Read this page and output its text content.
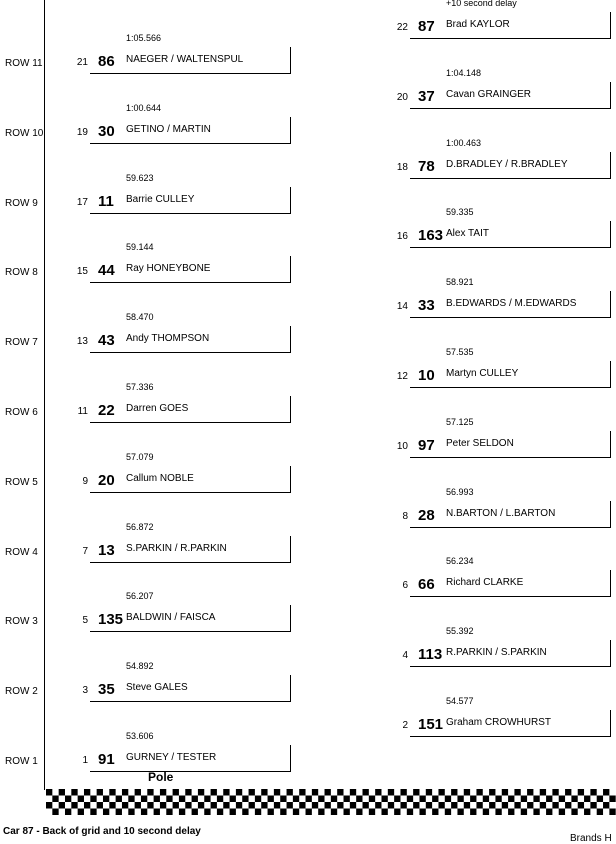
ROW 1
ROW 2
ROW 3
ROW 4
ROW 5
ROW 6
ROW 7
ROW 8
ROW 9
ROW 10
ROW 11
1 91
53.606
GURNEY / TESTER
3 35
54.892
Steve GALES
5 135
56.207
BALDWIN / FAISCA
7 13
56.872
S.PARKIN / R.PARKIN
9 20
57.079
Callum NOBLE
11 22
57.336
Darren GOES
13 43
58.470
Andy THOMPSON
15 44
59.144
Ray HONEYBONE
17 11
59.623
Barrie CULLEY
19 30
1:00.644
GETINO / MARTIN
21 86
1:05.566
NAEGER / WALTENSPUL
2 151
54.577
Graham CROWHURST
4 113
55.392
R.PARKIN / S.PARKIN
6 66
56.234
Richard CLARKE
8 28
56.993
N.BARTON / L.BARTON
10 97
57.125
Peter SELDON
12 10
57.535
Martyn CULLEY
14 33
58.921
B.EDWARDS / M.EDWARDS
16 163
59.335
Alex TAIT
18 78
1:00.463
D.BRADLEY / R.BRADLEY
20 37
1:04.148
Cavan GRAINGER
22 87
+10 second delay
Brad KAYLOR
Pole
Car 87 - Back of grid and 10 second delay
Brands H
